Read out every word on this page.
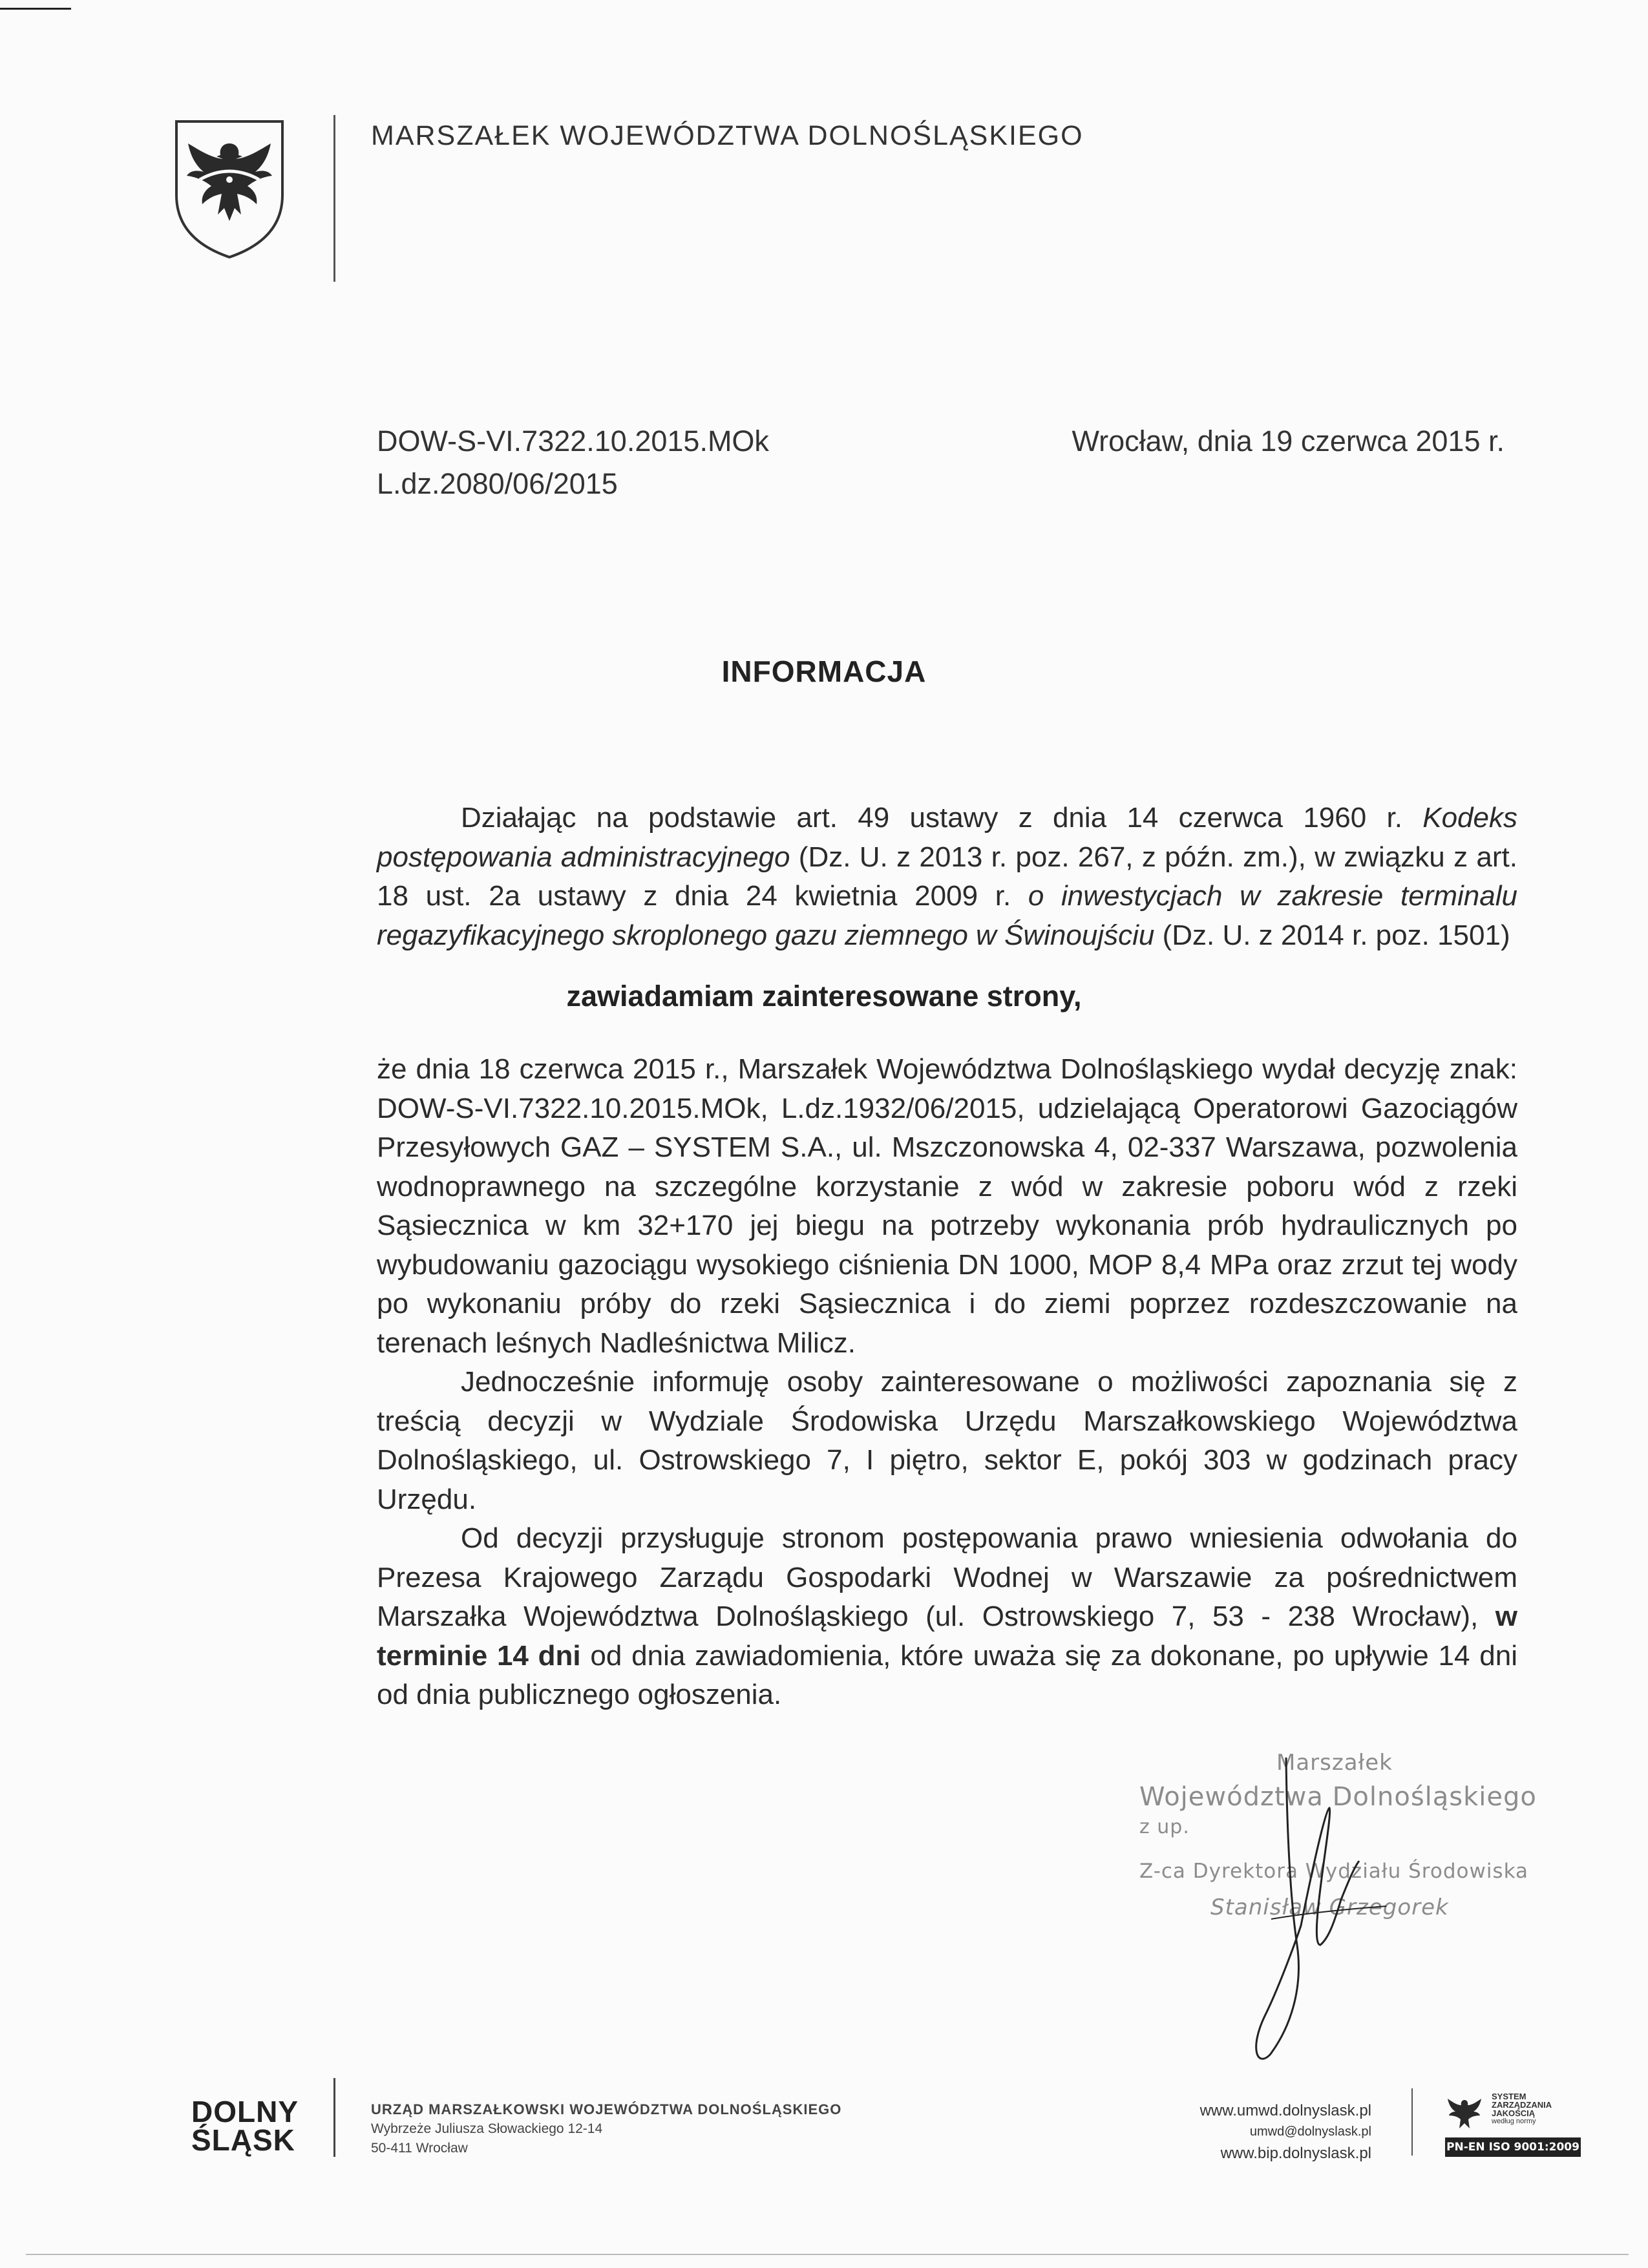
MARSZAŁEK WOJEWÓDZTWA DOLNOŚLĄSKIEGO
DOW-S-VI.7322.10.2015.MOk
L.dz.2080/06/2015
Wrocław, dnia 19 czerwca 2015 r.
INFORMACJA

Działając na podstawie art. 49 ustawy z dnia 14 czerwca 1960 r. Kodeks postępowania administracyjnego (Dz. U. z 2013 r. poz. 267, z późn. zm.), w związku z art. 18 ust. 2a ustawy z dnia 24 kwietnia 2009 r. o inwestycjach w zakresie terminalu regazyfikacyjnego skroplonego gazu ziemnego w Świnoujściu (Dz. U. z 2014 r. poz. 1501)

zawiadamiam zainteresowane strony,

że dnia 18 czerwca 2015 r., Marszałek Województwa Dolnośląskiego wydał decyzję znak: DOW-S-VI.7322.10.2015.MOk, L.dz.1932/06/2015, udzielającą Operatorowi Gazociągów Przesyłowych GAZ – SYSTEM S.A., ul. Mszczonowska 4, 02-337 Warszawa, pozwolenia wodnoprawnego na szczególne korzystanie z wód w zakresie poboru wód z rzeki Sąsiecznica w km 32+170 jej biegu na potrzeby wykonania prób hydraulicznych po wybudowaniu gazociągu wysokiego ciśnienia DN 1000, MOP 8,4 MPa oraz zrzut tej wody po wykonaniu próby do rzeki Sąsiecznica i do ziemi poprzez rozdeszczowanie na terenach leśnych Nadleśnictwa Milicz.

Jednocześnie informuję osoby zainteresowane o możliwości zapoznania się z treścią decyzji w Wydziale Środowiska Urzędu Marszałkowskiego Województwa Dolnośląskiego, ul. Ostrowskiego 7, I piętro, sektor E, pokój 303 w godzinach pracy Urzędu.

Od decyzji przysługuje stronom postępowania prawo wniesienia odwołania do Prezesa Krajowego Zarządu Gospodarki Wodnej w Warszawie za pośrednictwem Marszałka Województwa Dolnośląskiego (ul. Ostrowskiego 7, 53 - 238 Wrocław), w terminie 14 dni od dnia zawiadomienia, które uważa się za dokonane, po upływie 14 dni od dnia publicznego ogłoszenia.

Marszałek
Województwa Dolnośląskiego
z up.
Z-ca Dyrektora Wydziału Środowiska
Stanisław Grzegorek
DOLNY
ŚLĄSK
URZĄD MARSZAŁKOWSKI WOJEWÓDZTWA DOLNOŚLĄSKIEGO
Wybrzeże Juliusza Słowackiego 12-14
50-411 Wrocław
www.umwd.dolnyslask.pl
umwd@dolnyslask.pl
www.bip.dolnyslask.pl
SYSTEM
ZARZĄDZANIA
JAKOŚCIĄ
według normy
PN-EN ISO 9001:2009
